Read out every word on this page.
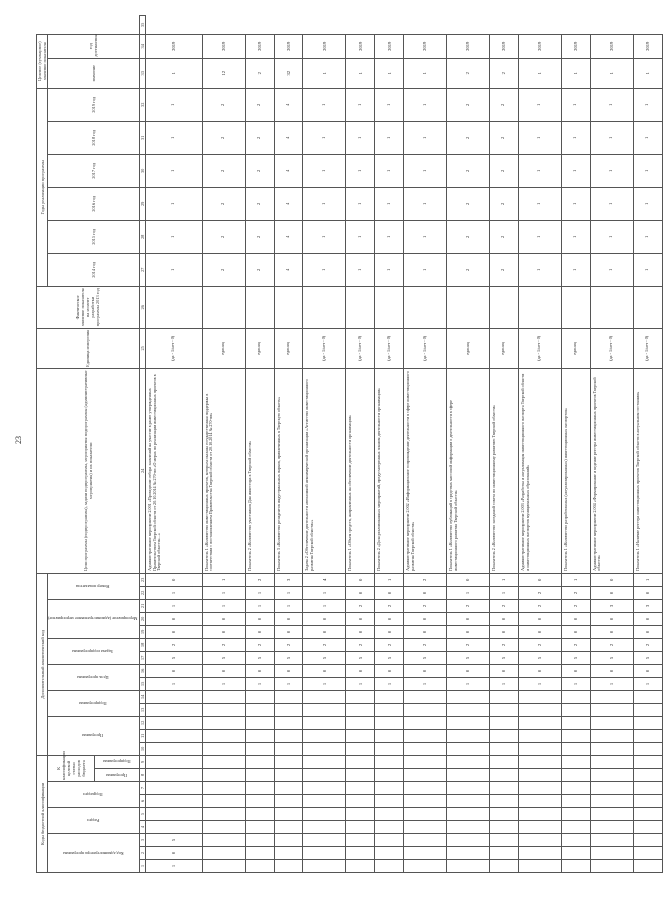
23
Коды бюджетной классификации									Дополнительный аналитический код														Цели программы (подпрограммы), задачи подпрограммы, мероприятия подпрограммы (административные мероприятия) и их показатели	Единица измерения	Фактическое значение показателя на момент разработки программы 2013 год	Годы реализации программы						Целевое (суммарное) значение показателя		
Код администратора программы			Раздел		Подраздел		К классификации целевой статьи расходов бюджета		Программа			Подпрограмма		Цель программы		Задача подпрограммы		Мероприятие (административное мероприятие)			Номер показателя					2014 год	2015 год	2016 год	2017 год	2018 год	2019 год	значение	год достижения	
							Программа	Подпрограмма																										
1	2	3	4	5	6	7	8	9	10	11	12	13	14	15	16	17	18	19	20	21	22	23	24	25	26	27	28	29	30	31	32	33	34	35
1	0	5												1	0	5	2	0	0	1	1	0	Административное мероприятие 2.001 «Проведение отбора заявлений на участие в ранее утвержденных Правительством Тверской области от 20.10.2014 № 270-пп «О мерах по реализации инвестиционных проектов в Тверской области»...»	(да - 1/нет - 0)		1	1	1	1	1	1	1	2019	
														1	0	5	2	0	0	1	1	1	Показатель 1 «Количество инвестиционных проектов, которым оказана государственная поддержка в соответствии с постановлением Правительства Тверской области от 20.10.2014 № 270-пп»	единиц		2	2	2	2	2	2	12	2019	
														1	0	5	2	0	0	1	1	2	Показатель 2 «Количество участников Дня инвестора в Тверской области»	единиц		2	2	2	2	2	2	2	2019	
														1	0	5	2	0	0	1	1	3	Показатель 3 «Количество резидентов индустриальных парков, привлеченных в Тверскую область»	единиц		4	4	4	4	4	4	32	2019	
														1	0	5	2	0	0	1	1	4	Задача 2 «Обеспечение деятельности автономной некоммерческой организации «Агентство инвестиционного развития Тверской области»»	(да - 1/нет - 0)		1	1	1	1	1	1	1	2019	
														1	0	5	2	0	0	2	0	0	Показатель 1 «Объем средств, направленных на обеспечение деятельности организации»	(да - 1/нет - 0)		1	1	1	1	1	1	1	2019	
														1	0	5	2	0	0	2	0	1	Показатель 2 «Доля реализованных мероприятий, предусмотренных планом деятельности организации»	(да - 1/нет - 0)		1	1	1	1	1	1	1	2019	
														1	0	5	2	0	0	2	0	2	Административное мероприятие 2.002 «Информационное сопровождение деятельности в сфере инвестиционного развития Тверской области»	(да - 1/нет - 0)		1	1	1	1	1	1	1	2019	
														1	0	5	2	0	0	2	1	0	Показатель 1 «Количество публикаций в средствах массовой информации о деятельности в сфере инвестиционного развития Тверской области»	единиц		2	2	2	2	2	2	2	2019	
														1	0	5	2	0	0	2	1	1	Показатель 2 «Количество заседаний совета по инвестиционному развитию Тверской области»	единиц		2	2	2	2	2	2	2	2019	
														1	0	5	2	0	0	2	2	0	Административное мероприятие 2.003 «Разработка и актуализация инвестиционного паспорта Тверской области и инвестиционных паспортов муниципальных образований»	(да - 1/нет - 0)		1	1	1	1	1	1	1	2019	
														1	0	5	2	0	0	2	2	1	Показатель 1 «Количество разработанных (актуализированных) инвестиционных паспортов»	единиц		1	1	1	1	1	1	1	2019	
														1	0	5	2	0	0	3	0	0	Административное мероприятие 2.004 «Формирование и ведение реестра инвестиционных проектов Тверской области»	(да - 1/нет - 0)		1	1	1	1	1	1	1	2019	
														1	0	5	2	0	0	3	0	1	Показатель 1 «Наличие реестра инвестиционных проектов Тверской области в актуальном состоянии»	(да - 1/нет - 0)		1	1	1	1	1	1	1	2019	
